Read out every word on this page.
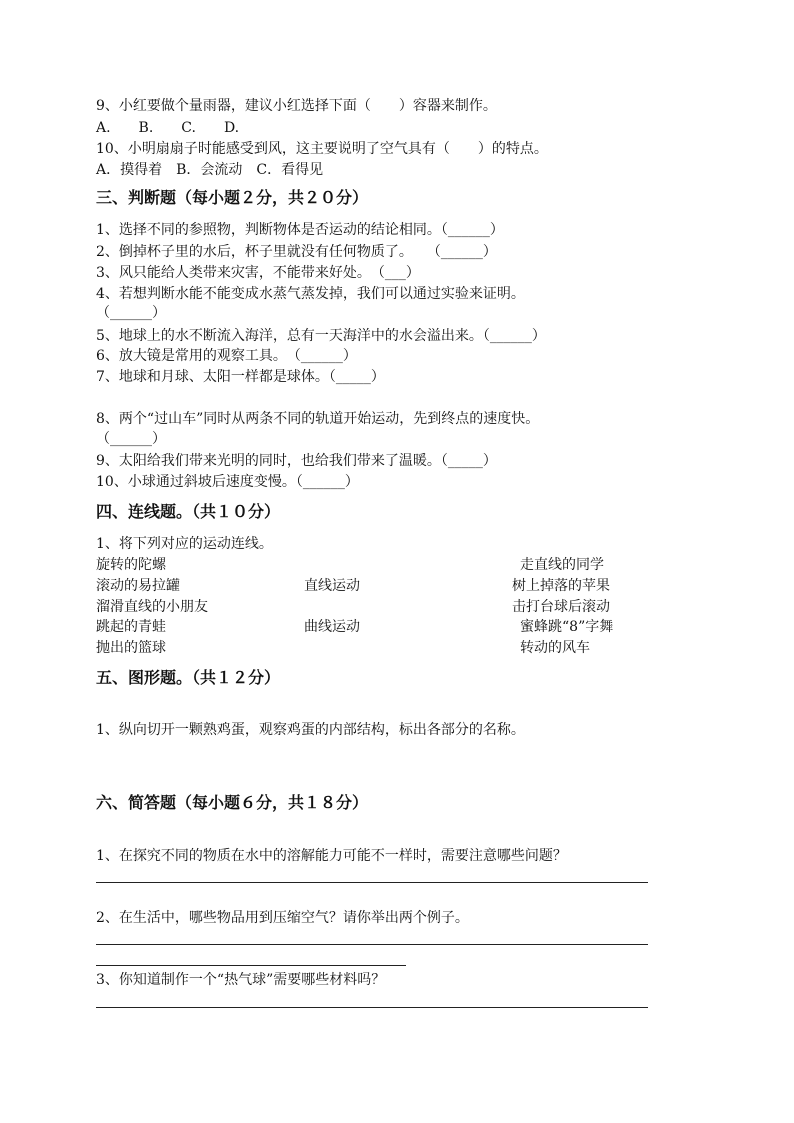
9、小红要做个量雨器，建议小红选择下面（　　）容器来制作。
A.　　B.　　C.　　D.
10、小明扇扇子时能感受到风，这主要说明了空气具有（　　）的特点。
A．摸得着　B．会流动　C．看得见
三、判断题（每小题２分，共２０分）
1、选择不同的参照物，判断物体是否运动的结论相同。（______）
2、倒掉杯子里的水后，杯子里就没有任何物质了。　　（______）
3、风只能给人类带来灾害，不能带来好处。　（___）
4、若想判断水能不能变成水蒸气蒸发掉，我们可以通过实验来证明。
（______）
5、地球上的水不断流入海洋，总有一天海洋中的水会溢出来。（______）
6、放大镜是常用的观察工具。　（______）
7、地球和月球、太阳一样都是球体。（_____）
8、两个“过山车”同时从两条不同的轨道开始运动，先到终点的速度快。
（______）
9、太阳给我们带来光明的同时，也给我们带来了温暖。（_____）
10、小球通过斜坡后速度变慢。（______）
四、连线题。（共１０分）
1、将下列对应的运动连线。
旋转的陀螺
滚动的易拉罐
溜滑直线的小朋友
跳起的青蛙
抛出的篮球
直线运动
曲线运动
走直线的同学
树上掉落的苹果
击打台球后滚动
蜜蜂跳“8”字舞
转动的风车
五、图形题。（共１２分）
1、纵向切开一颗熟鸡蛋，观察鸡蛋的内部结构，标出各部分的名称。
六、简答题（每小题６分，共１８分）
1、在探究不同的物质在水中的溶解能力可能不一样时，需要注意哪些问题？
2、在生活中，哪些物品用到压缩空气？请你举出两个例子。
3、你知道制作一个“热气球”需要哪些材料吗？
